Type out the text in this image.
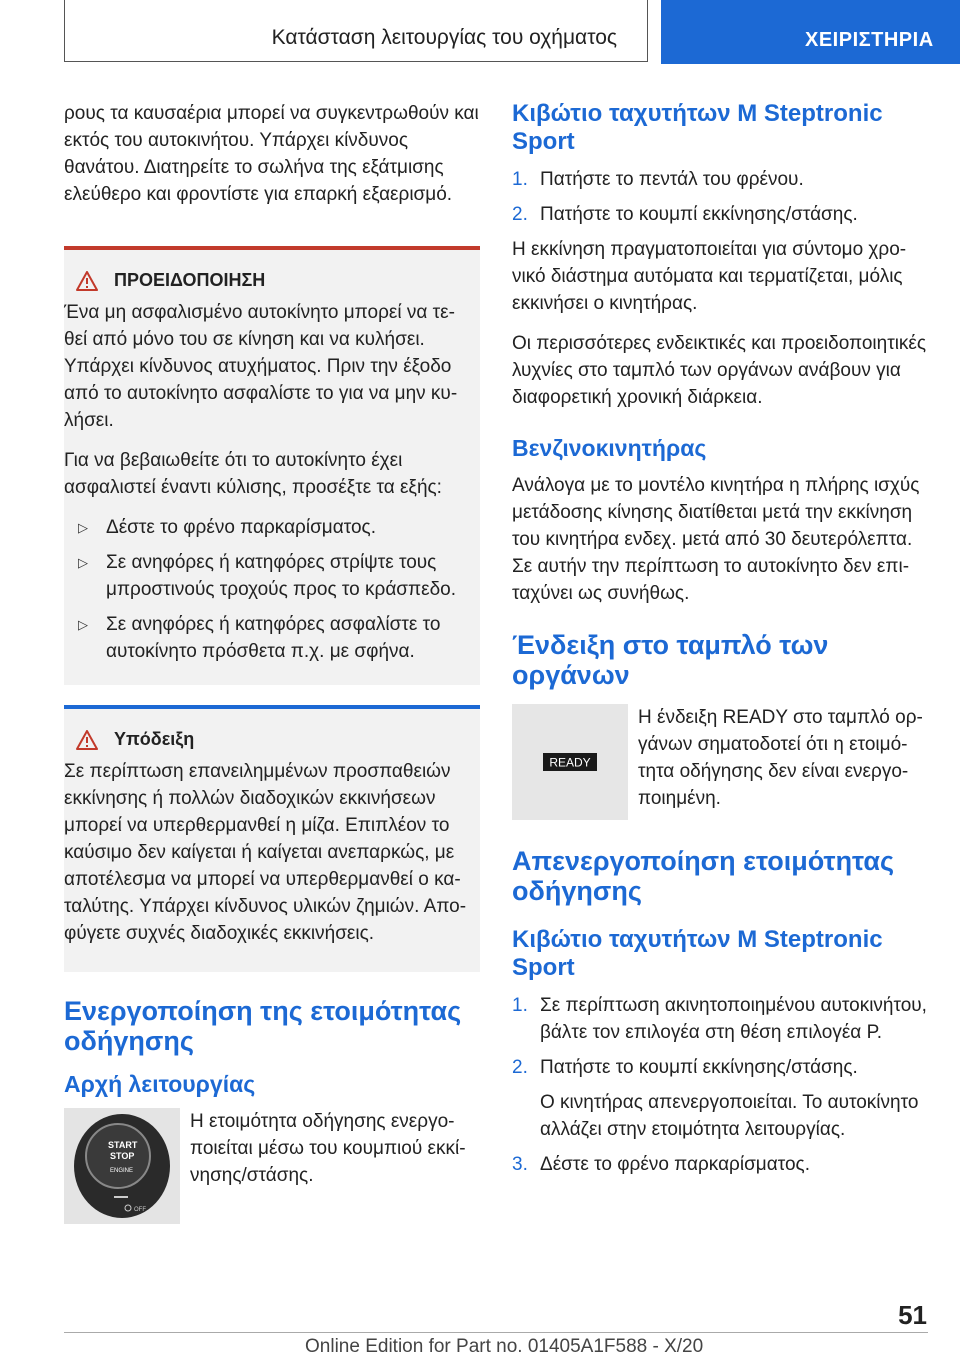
Κατάσταση λειτουργίας του οχήματος	ΧΕΙΡΙΣΤΗΡΙΑ

ρους τα καυσαέρια μπορεί να συγκεντρωθούν και εκτός του αυτοκινήτου. Υπάρχει κίνδυνος θανάτου. Διατηρείτε το σωλήνα της εξάτμισης ελεύθερο και φροντίστε για επαρκή εξαερισμό.

ΠΡΟΕΙΔΟΠΟΙΗΣΗ

Ένα μη ασφαλισμένο αυτοκίνητο μπορεί να τεθεί από μόνο του σε κίνηση και να κυλήσει. Υπάρχει κίνδυνος ατυχήματος. Πριν την έξοδο από το αυτοκίνητο ασφαλίστε το για να μην κυλήσει.

Για να βεβαιωθείτε ότι το αυτοκίνητο έχει ασφαλιστεί έναντι κύλισης, προσέξτε τα εξής:

▷ Δέστε το φρένο παρκαρίσματος.
▷ Σε ανηφόρες ή κατηφόρες στρίψτε τους μπροστινούς τροχούς προς το κράσπεδο.
▷ Σε ανηφόρες ή κατηφόρες ασφαλίστε το αυτοκίνητο πρόσθετα π.χ. με σφήνα.
Υπόδειξη

Σε περίπτωση επανειλημμένων προσπαθειών εκκίνησης ή πολλών διαδοχικών εκκινήσεων μπορεί να υπερθερμανθεί η μίζα. Επιπλέον το καύσιμο δεν καίγεται ή καίγεται ανεπαρκώς, με αποτέλεσμα να μπορεί να υπερθερμανθεί ο καταλύτης. Υπάρχει κίνδυνος υλικών ζημιών. Αποφύγετε συχνές διαδοχικές εκκινήσεις.

Ενεργοποίηση της ετοιμότητας οδήγησης
Αρχή λειτουργίας
START
STOP
ENGINE
OFF

Η ετοιμότητα οδήγησης ενεργοποιείται μέσω του κουμπιού εκκίνησης/στάσης.

Κιβώτιο ταχυτήτων M Steptronic Sport
1. Πατήστε το πεντάλ του φρένου.
2. Πατήστε το κουμπί εκκίνησης/στάσης.

Η εκκίνηση πραγματοποιείται για σύντομο χρονικό διάστημα αυτόματα και τερματίζεται, μόλις εκκινήσει ο κινητήρας.

Οι περισσότερες ενδεικτικές και προειδοποιητικές λυχνίες στο ταμπλό των οργάνων ανάβουν για διαφορετική χρονική διάρκεια.

Βενζινοκινητήρας

Ανάλογα με το μοντέλο κινητήρα η πλήρης ισχύς μετάδοσης κίνησης διατίθεται μετά την εκκίνηση του κινητήρα ενδεχ. μετά από 30 δευτερόλεπτα. Σε αυτήν την περίπτωση το αυτοκίνητο δεν επιταχύνει ως συνήθως.

Ένδειξη στο ταμπλό των οργάνων
READY

Η ένδειξη READY στο ταμπλό οργάνων σηματοδοτεί ότι η ετοιμότητα οδήγησης δεν είναι ενεργοποιημένη.

Απενεργοποίηση ετοιμότητας οδήγησης
Κιβώτιο ταχυτήτων M Steptronic Sport
1. Σε περίπτωση ακινητοποιημένου αυτοκινήτου, βάλτε τον επιλογέα στη θέση επιλογέα P.
2. Πατήστε το κουμπί εκκίνησης/στάσης.
Ο κινητήρας απενεργοποιείται. Το αυτοκίνητο αλλάζει στην ετοιμότητα λειτουργίας.
3. Δέστε το φρένο παρκαρίσματος.
51
Online Edition for Part no. 01405A1F588 - X/20
